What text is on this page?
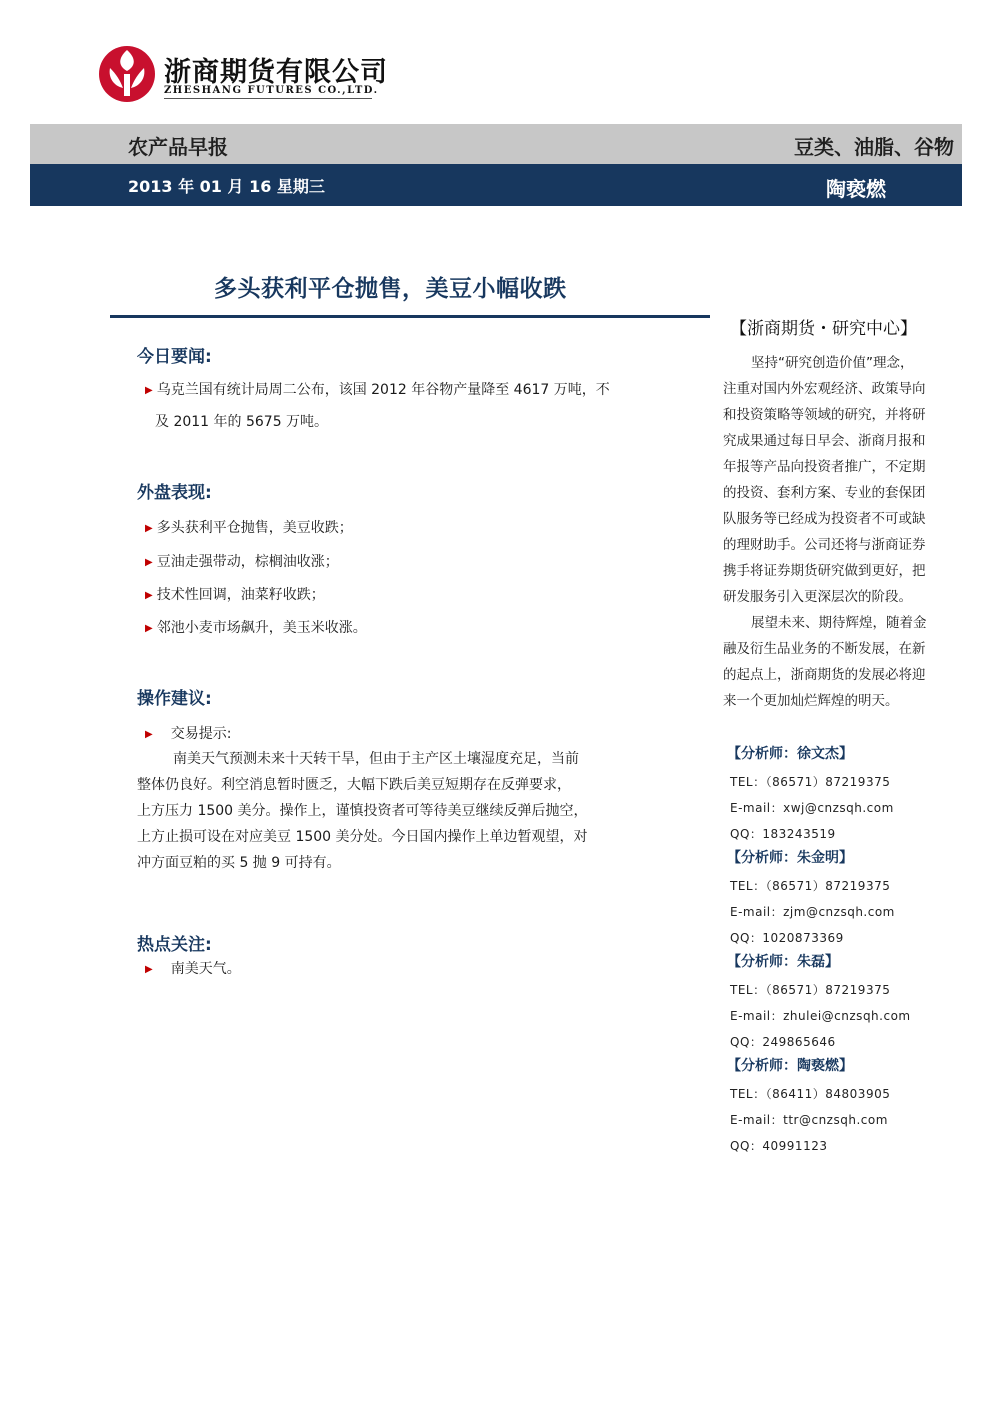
浙商期货有限公司
ZHESHANG FUTURES CO.,LTD.
农产品早报	豆类、油脂、谷物
2013 年 01 月 16 星期三	陶亵燃
多头获利平仓抛售，美豆小幅收跌
今日要闻:
▶ 乌克兰国有统计局周二公布，该国 2012 年谷物产量降至 4617 万吨，不
及 2011 年的 5675 万吨。
外盘表现:
▶ 多头获利平仓抛售，美豆收跌；
▶ 豆油走强带动，棕榈油收涨；
▶ 技术性回调，油菜籽收跌；
▶ 邻池小麦市场飙升，美玉米收涨。
操作建议:
▶ 交易提示:
南美天气预测未来十天转干旱，但由于主产区土壤湿度充足，当前
整体仍良好。利空消息暂时匮乏，大幅下跌后美豆短期存在反弹要求，
上方压力 1500 美分。操作上，谨慎投资者可等待美豆继续反弹后抛空，
上方止损可设在对应美豆 1500 美分处。今日国内操作上单边暂观望，对
冲方面豆粕的买 5 抛 9 可持有。
热点关注:
▶ 南美天气。
【浙商期货・研究中心】
坚持“研究创造价值”理念，
注重对国内外宏观经济、政策导向
和投资策略等领域的研究，并将研
究成果通过每日早会、浙商月报和
年报等产品向投资者推广，不定期
的投资、套利方案、专业的套保团
队服务等已经成为投资者不可或缺
的理财助手。公司还将与浙商证券
携手将证券期货研究做到更好，把
研发服务引入更深层次的阶段。
展望未来、期待辉煌，随着金
融及衍生品业务的不断发展，在新
的起点上，浙商期货的发展必将迎
来一个更加灿烂辉煌的明天。
【分析师：徐文杰】
TEL：（86571）87219375
E-mail：xwj@cnzsqh.com
QQ：183243519
【分析师：朱金明】
TEL：（86571）87219375
E-mail：zjm@cnzsqh.com
QQ：1020873369
【分析师：朱磊】
TEL：（86571）87219375
E-mail：zhulei@cnzsqh.com
QQ：249865646
【分析师：陶亵燃】
TEL：（86411）84803905
E-mail：ttr@cnzsqh.com
QQ：40991123
